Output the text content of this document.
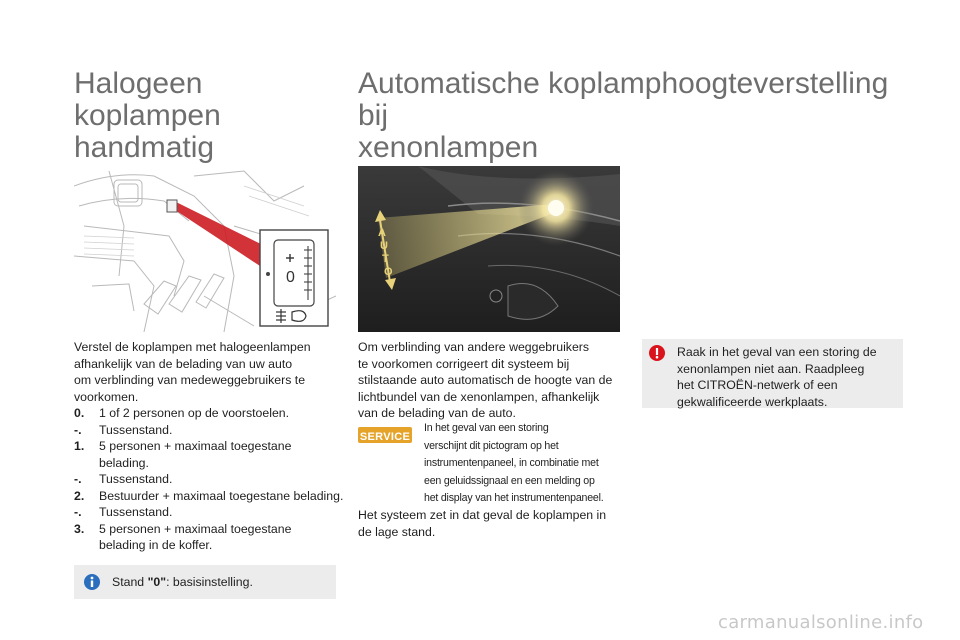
Halogeen
koplampen
handmatig
0
Verstel de koplampen met halogeenlampen
afhankelijk van de belading van uw auto
om verblinding van medeweggebruikers te
voorkomen.
0.	1 of 2 personen op de voorstoelen.
-.	Tussenstand.
1.	5 personen + maximaal toegestane belading.
-.	Tussenstand.
2.	Bestuurder + maximaal toegestane belading.
-.	Tussenstand.
3.	5 personen + maximaal toegestane
belading in de koffer.
Stand "0": basisinstelling.
Automatische koplamphoogteverstelling bij
xenonlampen
A
U
T
O
Om verblinding van andere weggebruikers
te voorkomen corrigeert dit systeem bij
stilstaande auto automatisch de hoogte van de
lichtbundel van de xenonlampen, afhankelijk
van de belading van de auto.
SERVICE
In het geval van een storing
verschijnt dit pictogram op het
instrumentenpaneel, in combinatie met
een geluidssignaal en een melding op
het display van het instrumentenpaneel.
Het systeem zet in dat geval de koplampen in
de lage stand.
Raak in het geval van een storing de
xenonlampen niet aan. Raadpleeg
het CITROËN-netwerk of een
gekwalificeerde werkplaats.
carmanualsonline.info
